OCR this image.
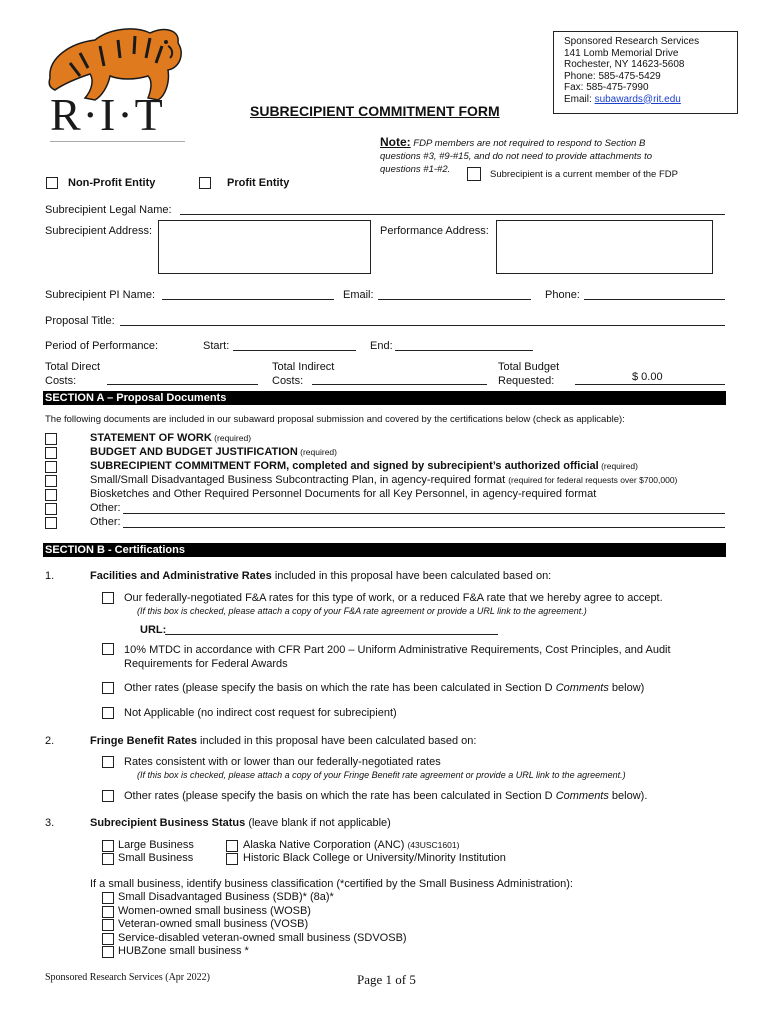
R·I·T
Sponsored Research Services
141 Lomb Memorial Drive
Rochester, NY 14623-5608
Phone: 585-475-5429
Fax: 585-475-7990
Email: subawards@rit.edu
SUBRECIPIENT COMMITMENT FORM
Note: FDP members are not required to respond to Section B
questions #3, #9-#15, and do not need to provide attachments to
questions #1-#2.	Subrecipient is a current member of the FDP
Non-Profit Entity	Profit Entity
Subrecipient Legal Name:
Subrecipient Address:	Performance Address:
Subrecipient PI Name:	Email:	Phone:
Proposal Title:
Period of Performance:	Start:	End:
Total Direct
Costs:
Total Indirect
Costs:
Total Budget
Requested:	$ 0.00
SECTION A – Proposal Documents
The following documents are included in our subaward proposal submission and covered by the certifications below (check as applicable):
STATEMENT OF WORK (required)
BUDGET AND BUDGET JUSTIFICATION (required)
SUBRECIPIENT COMMITMENT FORM, completed and signed by subrecipient’s authorized official (required)
Small/Small Disadvantaged Business Subcontracting Plan, in agency-required format (required for federal requests over $700,000)
Biosketches and Other Required Personnel Documents for all Key Personnel, in agency-required format
Other:
Other:
SECTION B - Certifications
1.	Facilities and Administrative Rates included in this proposal have been calculated based on:
Our federally-negotiated F&A rates for this type of work, or a reduced F&A rate that we hereby agree to accept.
(If this box is checked, please attach a copy of your F&A rate agreement or provide a URL link to the agreement.)
URL:
10% MTDC in accordance with CFR Part 200 – Uniform Administrative Requirements, Cost Principles, and Audit
Requirements for Federal Awards
Other rates (please specify the basis on which the rate has been calculated in Section D Comments below)
Not Applicable (no indirect cost request for subrecipient)
2.	Fringe Benefit Rates included in this proposal have been calculated based on:
Rates consistent with or lower than our federally-negotiated rates
(If this box is checked, please attach a copy of your Fringe Benefit rate agreement or provide a URL link to the agreement.)
Other rates (please specify the basis on which the rate has been calculated in Section D Comments below).
3.	Subrecipient Business Status (leave blank if not applicable)
Large Business
Small Business
Alaska Native Corporation (ANC) (43USC1601)
Historic Black College or University/Minority Institution
If a small business, identify business classification (*certified by the Small Business Administration):
Small Disadvantaged Business (SDB)* (8a)*
Women-owned small business (WOSB)
Veteran-owned small business (VOSB)
Service-disabled veteran-owned small business (SDVOSB)
HUBZone small business *
Sponsored Research Services (Apr 2022)	Page 1 of 5
